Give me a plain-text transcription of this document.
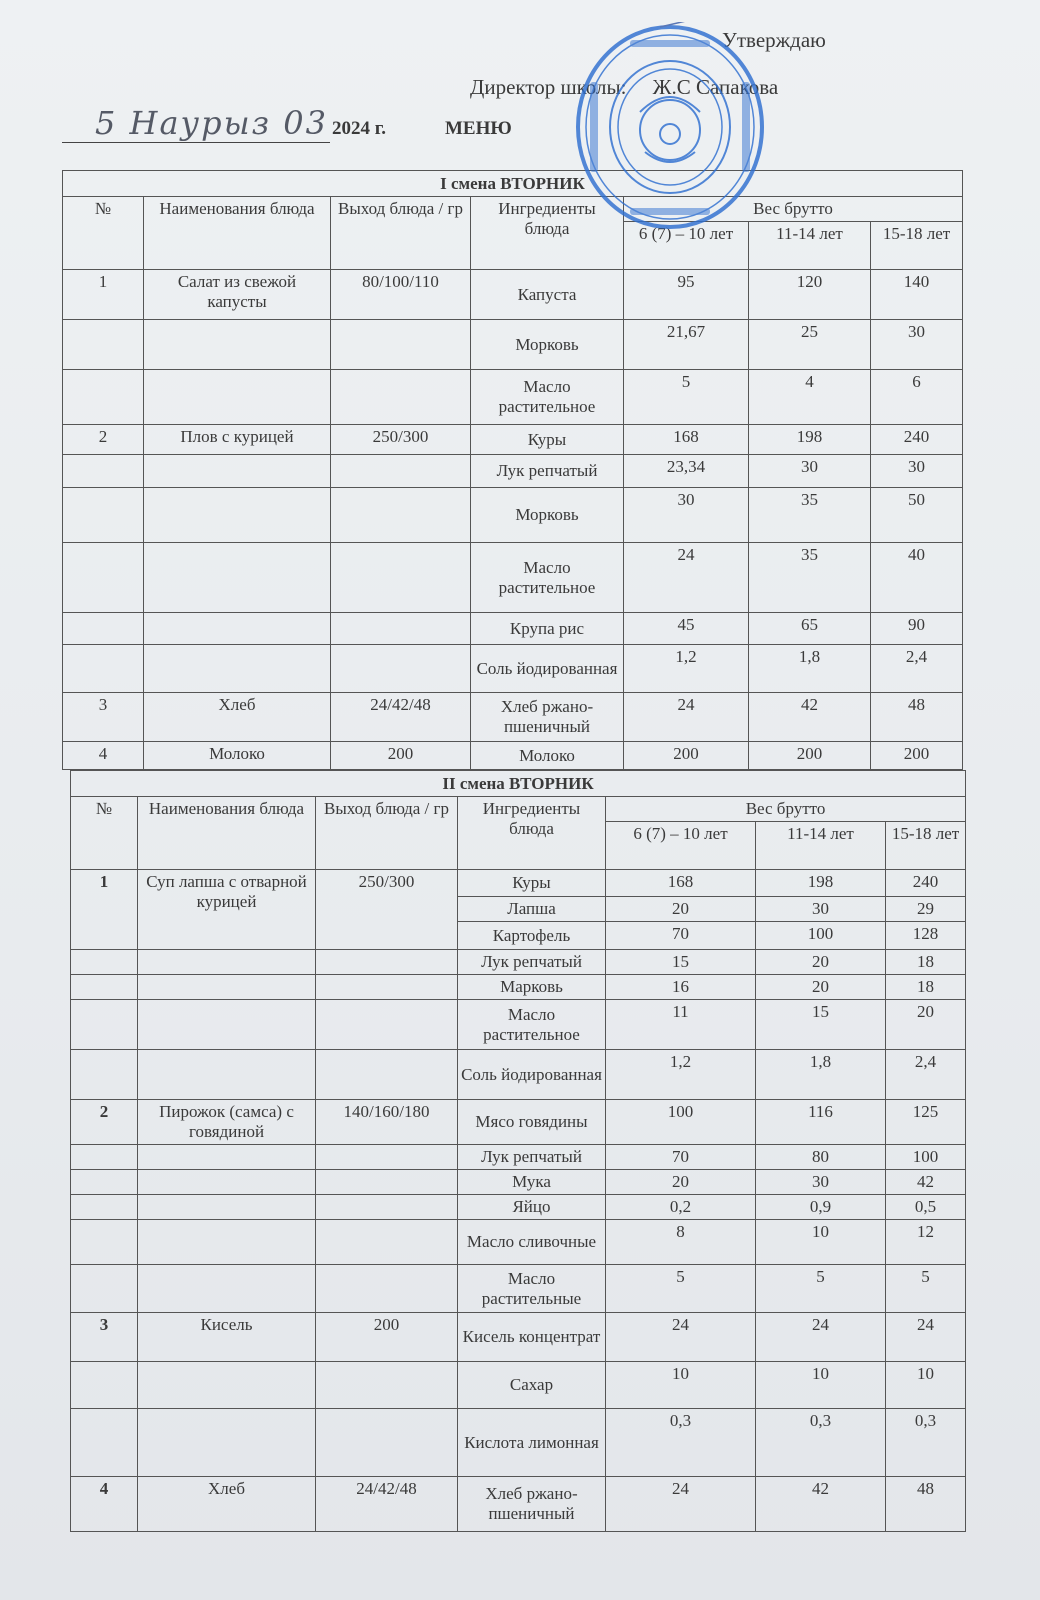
Утверждаю
Директор школы:     Ж.С Сапакова
5 Наурыз 03 2024 г.	МЕНЮ
I смена ВТОРНИК						
№	Наименования блюда	Выход блюда / гр	Ингредиенты блюда	Вес брутто		
				6 (7) – 10 лет	11-14 лет	15-18 лет
1	Салат из свежой капусты	80/100/110	Капуста	95	120	140
			Морковь	21,67	25	30
			Масло растительное	5	4	6
2	Плов с курицей	250/300	Куры	168	198	240
			Лук репчатый	23,34	30	30
			Морковь	30	35	50
			Масло растительное	24	35	40
			Крупа рис	45	65	90
			Соль йодированная	1,2	1,8	2,4
3	Хлеб	24/42/48	Хлеб ржано-пшеничный	24	42	48
4	Молоко	200	Молоко	200	200	200
II смена ВТОРНИК						
№	Наименования блюда	Выход блюда / гр	Ингредиенты блюда	Вес брутто		
				6 (7) – 10 лет	11-14 лет	15-18 лет
1	Суп лапша с отварной курицей	250/300	Куры	168	198	240
			Лапша	20	30	29
			Картофель	70	100	128
			Лук репчатый	15	20	18
			Марковь	16	20	18
			Масло растительное	11	15	20
			Соль йодированная	1,2	1,8	2,4
2	Пирожок (самса) с говядиной	140/160/180	Мясо говядины	100	116	125
			Лук репчатый	70	80	100
			Мука	20	30	42
			Яйцо	0,2	0,9	0,5
			Масло сливочные	8	10	12
			Масло растительные	5	5	5
3	Кисель	200	Кисель концентрат	24	24	24
			Сахар	10	10	10
			Кислота лимонная	0,3	0,3	0,3
4	Хлеб	24/42/48	Хлеб ржано-пшеничный	24	42	48
